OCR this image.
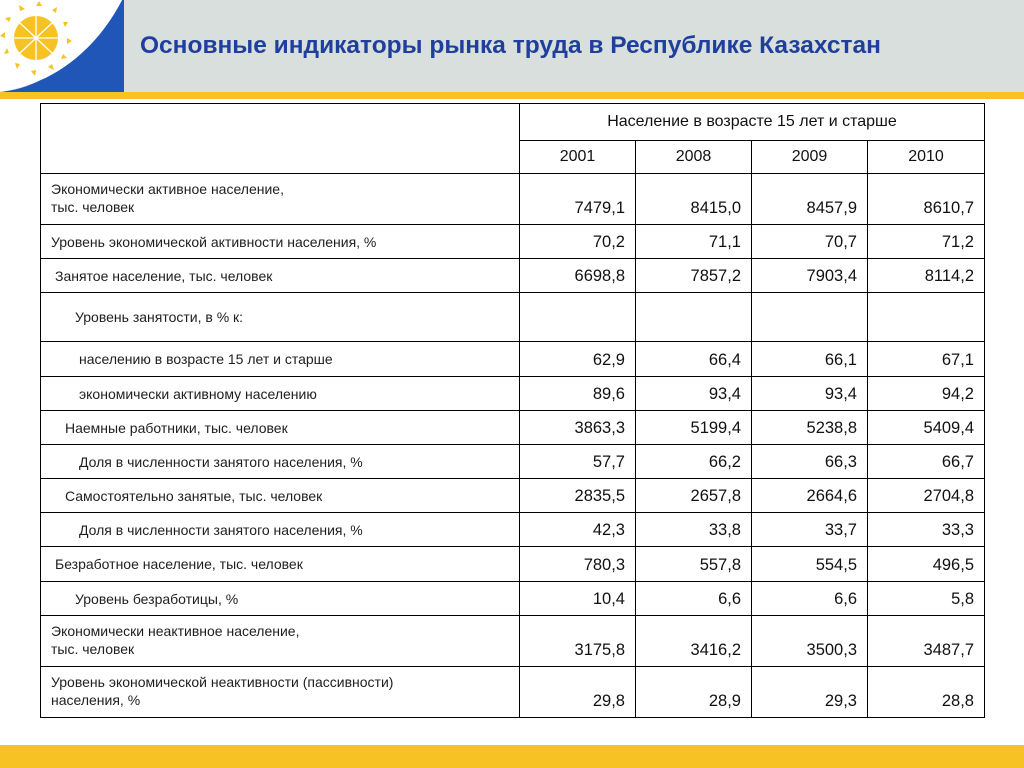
Основные индикаторы рынка труда в Республике Казахстан
	Население в возрасте 15 лет и старше			
	2001	2008	2009	2010

Экономически активное население,
тыс. человек	7479,1	8415,0	8457,9	8610,7
Уровень экономической активности населения, %	70,2	71,1	70,7	71,2
Занятое население, тыс. человек	6698,8	7857,2	7903,4	8114,2
Уровень занятости, в % к:				
населению в возрасте 15 лет и старше	62,9	66,4	66,1	67,1
экономически активному населению	89,6	93,4	93,4	94,2
Наемные работники, тыс. человек	3863,3	5199,4	5238,8	5409,4
Доля в численности занятого населения, %	57,7	66,2	66,3	66,7
Самостоятельно занятые, тыс. человек	2835,5	2657,8	2664,6	2704,8
Доля в численности занятого населения, %	42,3	33,8	33,7	33,3
Безработное население, тыс. человек	780,3	557,8	554,5	496,5
Уровень безработицы, %	10,4	6,6	6,6	5,8

Экономически неактивное население,
тыс. человек	3175,8	3416,2	3500,3	3487,7

Уровень экономической неактивности (пассивности)
населения, %	29,8	28,9	29,3	28,8
